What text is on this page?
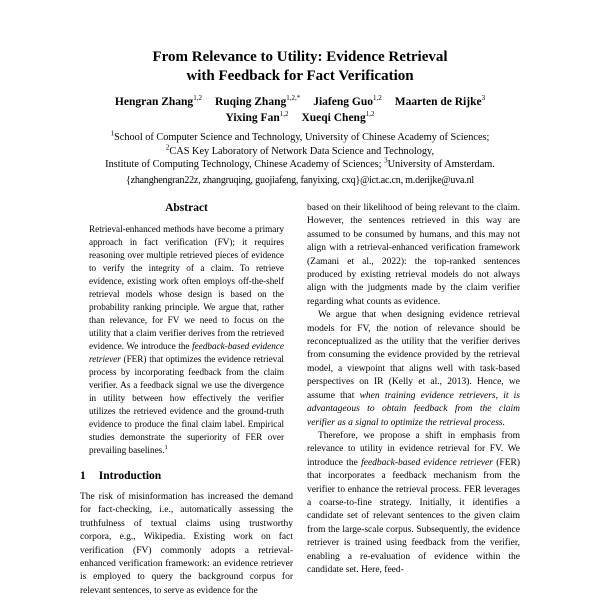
From Relevance to Utility: Evidence Retrieval
with Feedback for Fact Verification
Hengran Zhang$^{1,2}$ Ruqing Zhang$^{1,2,*}$ Jiafeng Guo$^{1,2}$ Maarten de Rijke$^3$
Yixing Fan$^{1,2}$ Xueqi Cheng$^{1,2}$
$^1$School of Computer Science and Technology, University of Chinese Academy of Sciences;
$^2$CAS Key Laboratory of Network Data Science and Technology,
Institute of Computing Technology, Chinese Academy of Sciences; $^3$University of Amsterdam.
{zhanghengran22z, zhangruqing, guojiafeng, fanyixing, cxq}@ict.ac.cn, m.derijke@uva.nl
Abstract
Retrieval-enhanced methods have become a primary approach in fact verification (FV); it requires reasoning over multiple retrieved pieces of evidence to verify the integrity of a claim. To retrieve evidence, existing work often employs off-the-shelf retrieval models whose design is based on the probability ranking principle. We argue that, rather than relevance, for FV we need to focus on the utility that a claim verifier derives from the retrieved evidence. We introduce the feedback-based evidence retriever (FER) that optimizes the evidence retrieval process by incorporating feedback from the claim verifier. As a feedback signal we use the divergence in utility between how effectively the verifier utilizes the retrieved evidence and the ground-truth evidence to produce the final claim label. Empirical studies demonstrate the superiority of FER over prevailing baselines.$^1$
1 Introduction
The risk of misinformation has increased the demand for fact-checking, i.e., automatically assessing the truthfulness of textual claims using trustworthy corpora, e.g., Wikipedia. Existing work on fact verification (FV) commonly adopts a retrieval-enhanced verification framework: an evidence retriever is employed to query the background corpus for relevant sentences, to serve as evidence for the
based on their likelihood of being relevant to the claim. However, the sentences retrieved in this way are assumed to be consumed by humans, and this may not align with a retrieval-enhanced verification framework (Zamani et al., 2022): the top-ranked sentences produced by existing retrieval models do not always align with the judgments made by the claim verifier regarding what counts as evidence.
We argue that when designing evidence retrieval models for FV, the notion of relevance should be reconceptualized as the utility that the verifier derives from consuming the evidence provided by the retrieval model, a viewpoint that aligns well with task-based perspectives on IR (Kelly et al., 2013). Hence, we assume that when training evidence retrievers, it is advantageous to obtain feedback from the claim verifier as a signal to optimize the retrieval process.
Therefore, we propose a shift in emphasis from relevance to utility in evidence retrieval for FV. We introduce the feedback-based evidence retriever (FER) that incorporates a feedback mechanism from the verifier to enhance the retrieval process. FER leverages a coarse-to-fine strategy. Initially, it identifies a candidate set of relevant sentences to the given claim from the large-scale corpus. Subsequently, the evidence retriever is trained using feedback from the verifier, enabling a re-evaluation of evidence within the candidate set. Here, feed-
